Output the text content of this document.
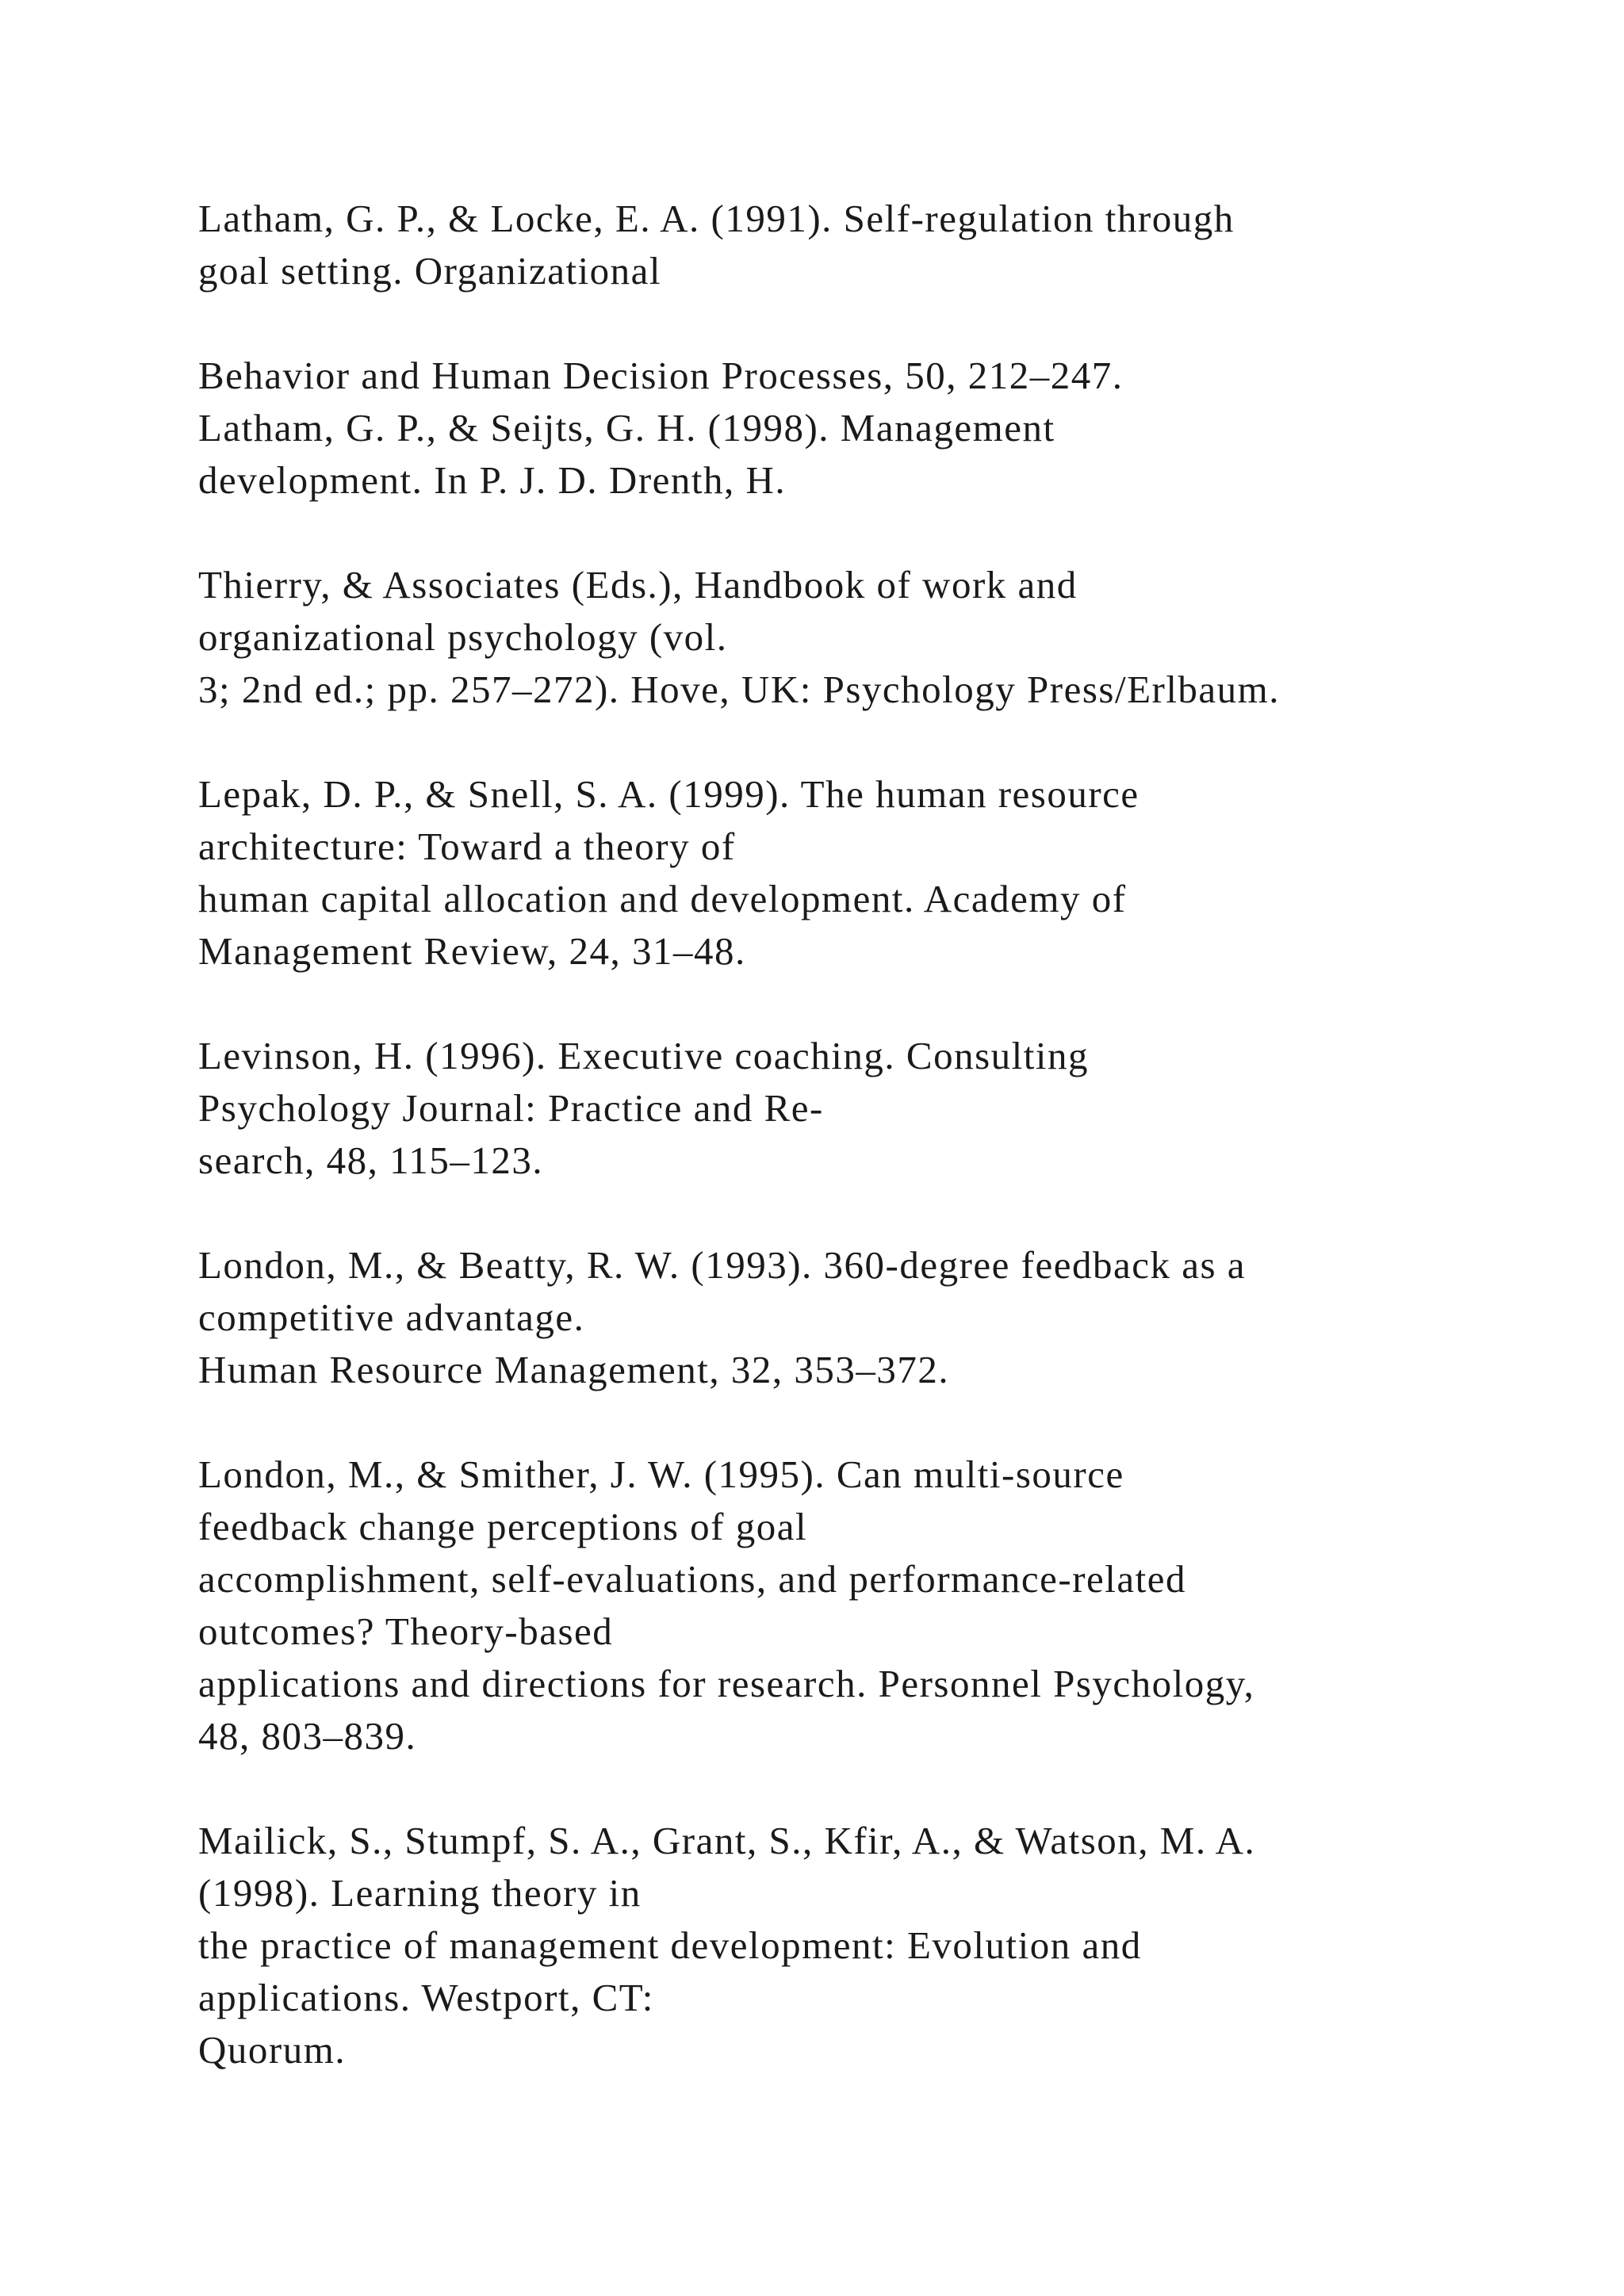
Latham, G. P., & Locke, E. A. (1991). Self-regulation through
goal setting. Organizational
Behavior and Human Decision Processes, 50, 212–247.
Latham, G. P., & Seijts, G. H. (1998). Management
development. In P. J. D. Drenth, H.
Thierry, & Associates (Eds.), Handbook of work and
organizational psychology (vol.
3; 2nd ed.; pp. 257–272). Hove, UK: Psychology Press/Erlbaum.
Lepak, D. P., & Snell, S. A. (1999). The human resource
architecture: Toward a theory of
human capital allocation and development. Academy of
Management Review, 24, 31–48.
Levinson, H. (1996). Executive coaching. Consulting
Psychology Journal: Practice and Re-
search, 48, 115–123.
London, M., & Beatty, R. W. (1993). 360-degree feedback as a
competitive advantage.
Human Resource Management, 32, 353–372.
London, M., & Smither, J. W. (1995). Can multi-source
feedback change perceptions of goal
accomplishment, self-evaluations, and performance-related
outcomes? Theory-based
applications and directions for research. Personnel Psychology,
48, 803–839.
Mailick, S., Stumpf, S. A., Grant, S., Kfir, A., & Watson, M. A.
(1998). Learning theory in
the practice of management development: Evolution and
applications. Westport, CT:
Quorum.
